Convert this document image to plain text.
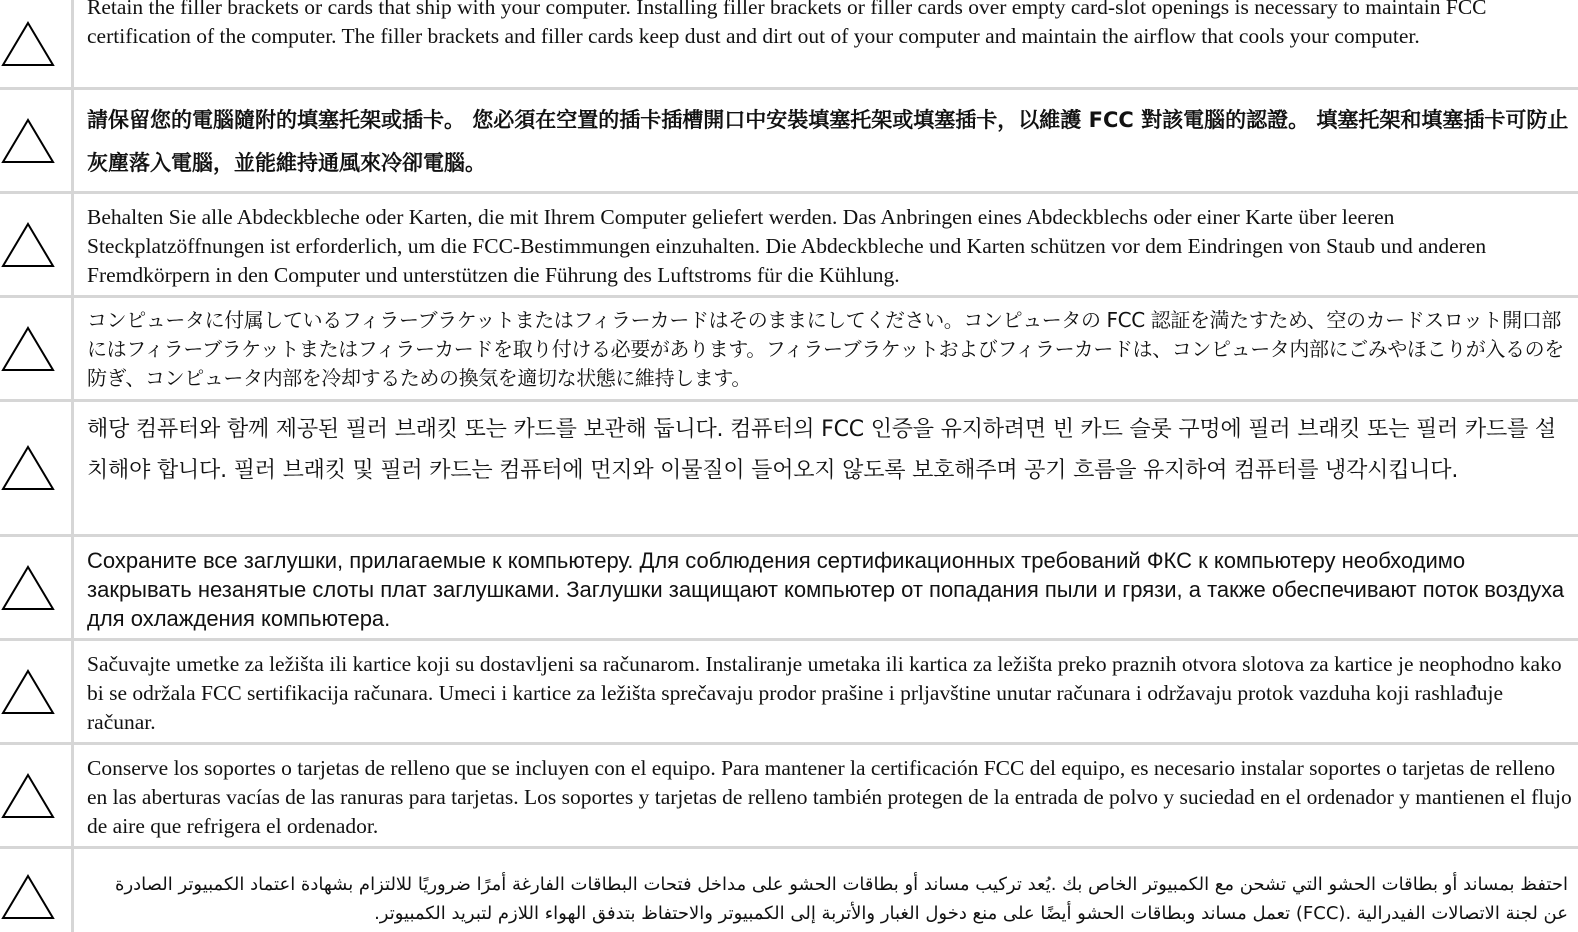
Retain the filler brackets or cards that ship with your computer. Installing filler brackets or filler cards over empty card-slot openings is necessary to maintain FCC certification of the computer. The filler brackets and filler cards keep dust and dirt out of your computer and maintain the airflow that cools your computer.
請保留您的電腦隨附的填塞托架或插卡。 您必須在空置的插卡插槽開口中安裝填塞托架或填塞插卡，以維護 FCC 對該電腦的認證。 填塞托架和填塞插卡可防止灰塵落入電腦，並能維持通風來冷卻電腦。
Behalten Sie alle Abdeckbleche oder Karten, die mit Ihrem Computer geliefert werden. Das Anbringen eines Abdeckblechs oder einer Karte über leeren Steckplatzöffnungen ist erforderlich, um die FCC-Bestimmungen einzuhalten. Die Abdeckbleche und Karten schützen vor dem Eindringen von Staub und anderen Fremdkörpern in den Computer und unterstützen die Führung des Luftstroms für die Kühlung.
コンピュータに付属しているフィラーブラケットまたはフィラーカードはそのままにしてください。コンピュータの FCC 認証を満たすため、空のカードスロット開口部にはフィラーブラケットまたはフィラーカードを取り付ける必要があります。フィラーブラケットおよびフィラーカードは、コンピュータ内部にごみやほこりが入るのを防ぎ、コンピュータ内部を冷却するための換気を適切な状態に維持します。
해당 컴퓨터와 함께 제공된 필러 브래킷 또는 카드를 보관해 둡니다. 컴퓨터의 FCC 인증을 유지하려면 빈 카드 슬롯 구멍에 필러 브래킷 또는 필러 카드를 설치해야 합니다. 필러 브래킷 및 필러 카드는 컴퓨터에 먼지와 이물질이 들어오지 않도록 보호해주며 공기 흐름을 유지하여 컴퓨터를 냉각시킵니다.
Сохраните все заглушки, прилагаемые к компьютеру. Для соблюдения сертификационных требований ФКС к компьютеру необходимо закрывать незанятые слоты плат заглушками. Заглушки защищают компьютер от попадания пыли и грязи, а также обеспечивают поток воздуха для охлаждения компьютера.
Sačuvajte umetke za ležišta ili kartice koji su dostavljeni sa računarom. Instaliranje umetaka ili kartica za ležišta preko praznih otvora slotova za kartice je neophodno kako bi se održala FCC sertifikacija računara. Umeci i kartice za ležišta sprečavaju prodor prašine i prljavštine unutar računara i održavaju protok vazduha koji rashlađuje računar.
Conserve los soportes o tarjetas de relleno que se incluyen con el equipo. Para mantener la certificación FCC del equipo, es necesario instalar soportes o tarjetas de relleno en las aberturas vacías de las ranuras para tarjetas. Los soportes y tarjetas de relleno también protegen de la entrada de polvo y suciedad en el ordenador y mantienen el flujo de aire que refrigera el ordenador.
احتفظ بمساند أو بطاقات الحشو التي تشحن مع الكمبيوتر الخاص بك .يُعد تركيب مساند أو بطاقات الحشو على مداخل فتحات البطاقات الفارغة أمرًا ضروريًا للالتزام بشهادة اعتماد الكمبيوتر الصادرة عن لجنة الاتصالات الفيدرالية .(FCC) تعمل مساند وبطاقات الحشو أيضًا على منع دخول الغبار والأتربة إلى الكمبيوتر والاحتفاظ بتدفق الهواء اللازم لتبريد الكمبيوتر.
